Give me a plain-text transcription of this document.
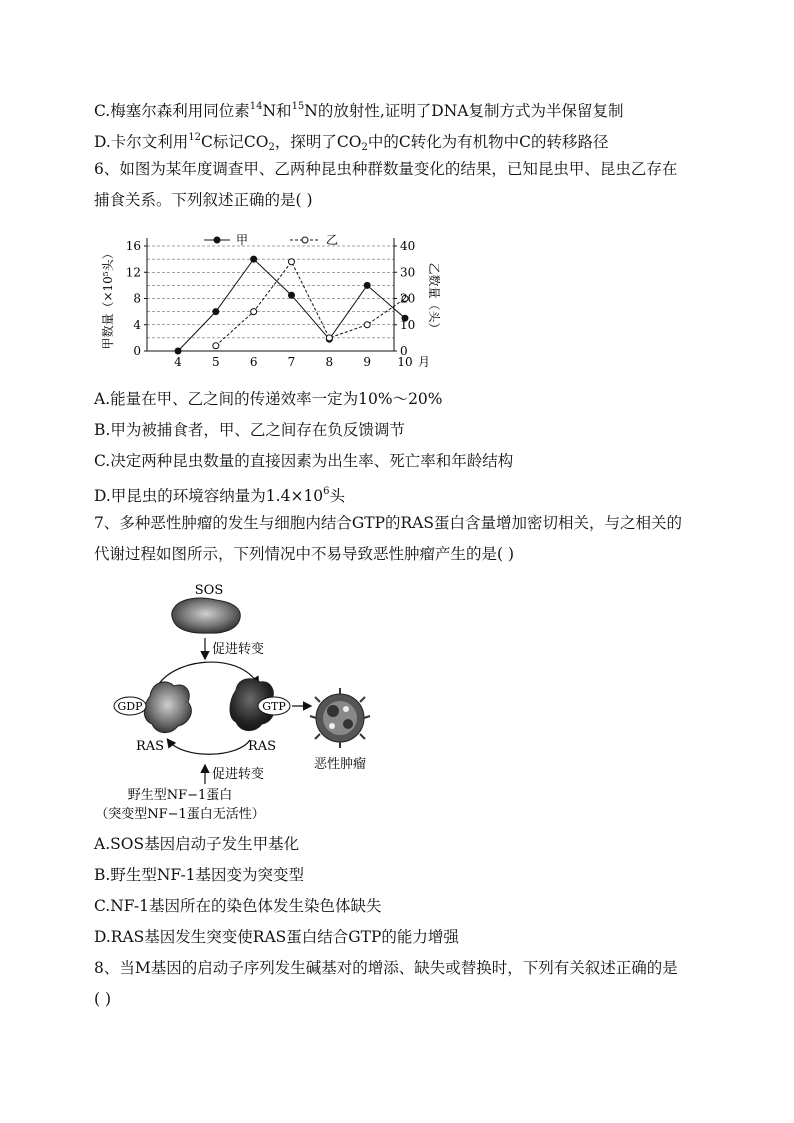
C.梅塞尔森利用同位素$^{14}$N和$^{15}$N的放射性,证明了DNA复制方式为半保留复制
D.卡尔文利用$^{12}$C标记$CO_2$，探明了$CO_2$中的C转化为有机物中C的转移路径
6、如图为某年度调查甲、乙两种昆虫种群数量变化的结果，已知昆虫甲、昆虫乙存在
捕食关系。下列叙述正确的是( )
0
4
8
12
16
0
10
20
30
40
4	5	6	7	8	9 10 月
甲数量（×10⁵头）	乙数量（头）
甲	乙
A.能量在甲、乙之间的传递效率一定为10%～20%
B.甲为被捕食者，甲、乙之间存在负反馈调节
C.决定两种昆虫数量的直接因素为出生率、死亡率和年龄结构
D.甲昆虫的环境容纳量为$1.4\times 10^6$头
7、多种恶性肿瘤的发生与细胞内结合GTP的RAS蛋白含量增加密切相关，与之相关的
代谢过程如图所示，下列情况中不易导致恶性肿瘤产生的是( )
SOS
促进转变
GDP
RAS
GTP
RAS
恶性肿瘤
促进转变
野生型NF−1蛋白
（突变型NF−1蛋白无活性）
A.SOS基因启动子发生甲基化
B.野生型NF-1基因变为突变型
C.NF-1基因所在的染色体发生染色体缺失
D.RAS基因发生突变使RAS蛋白结合GTP的能力增强
8、当M基因的启动子序列发生碱基对的增添、缺失或替换时，下列有关叙述正确的是
( )
